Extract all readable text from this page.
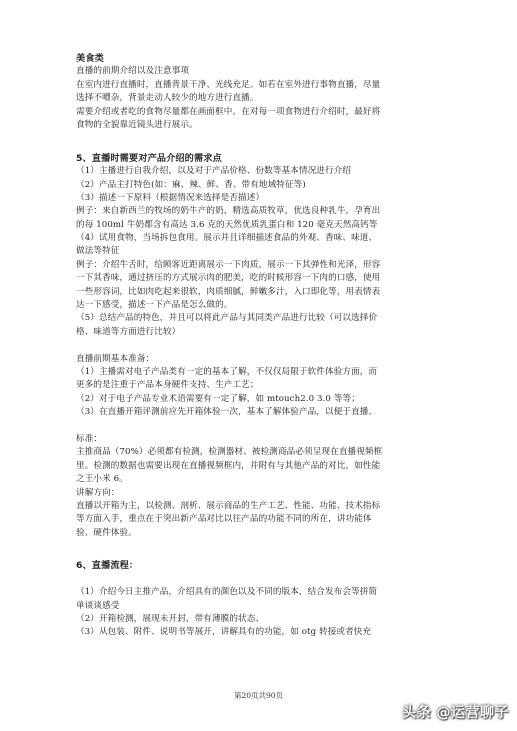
美食类
直播的前期介绍以及注意事项
在室内进行直播时，直播背景干净、光线充足。如若在室外进行事物直播，尽量
选择不嘈杂，背景走动人较少的地方进行直播。
需要介绍或者吃的食物尽量都在画面框中。在对每一项食物进行介绍时，最好将
食物的全貌靠近镜头进行展示。
5、直播时需要对产品介绍的需求点
（1）主播进行自我介绍，以及对于产品价格、份数等基本情况进行介绍
（2）产品主打特色(如：麻、辣、鲜、香、带有地域特征等)
（3）描述一下原料（根据情况来选择是否描述）
例子：来自新西兰的牧场的奶牛产的奶，精选高质牧草，优选良种乳牛，孕育出
的每 100ml 牛奶都含有高达 3.6 克的天然优质乳蛋白和 120 毫克天然高钙等
（4）试用食物，当场拆包食用。展示并且详细描述食品的外观、香味、味道、
做法等特征
例子：介绍牛舌时，给顾客近距离展示一下肉质，展示一下其弹性和光泽，形容
一下其香味，通过挤压的方式展示肉的肥美，吃的时候形容一下肉的口感，使用
一些形容词，比如肉吃起来很软，肉质细腻，鲜嫩多汁，入口即化等，用表情表
达一下感受，描述一下产品是怎么做的。
（5）总结产品的特色，并且可以将此产品与其同类产品进行比较（可以选择价
格、味道等方面进行比较）
直播前期基本准备：
（1）主播需对电子产品类有一定的基本了解，不仅仅局限于软件体验方面，而
更多的是注重于产品本身硬件支持、生产工艺；
（2）对于电子产品专业术语需要有一定了解，如 mtouch2.0 3.0 等等；
（3）在直播开箱评测前应先开箱体验一次，基本了解体验产品，以便于直播。
标准：
主推商品（70%）必须都有检测，检测器材、被检测商品必须呈现在直播视频框
里。检测的数据也需要出现在直播视频框内，并附有与其他产品的对比，如性能
之王小米 6。
讲解方向：
直播以开箱为主，以检测、剖析、展示商品的生产工艺、性能、功能、技术指标
等方面入手，重点在于突出新产品对比以往产品的功能不同的所在，讲功能体
验、硬件体验。
6、直播流程：
（1）介绍今日主推产品，介绍具有的颜色以及不同的版本，结合发布会等拼简
单谈谈感受
（2）开箱检测，展现未开封，带有薄膜的状态、
（3）从包装、附件、说明书等展开，讲解具有的功能，如 otg 转接或者快充
第20页共90页
头条 @运营聊子
